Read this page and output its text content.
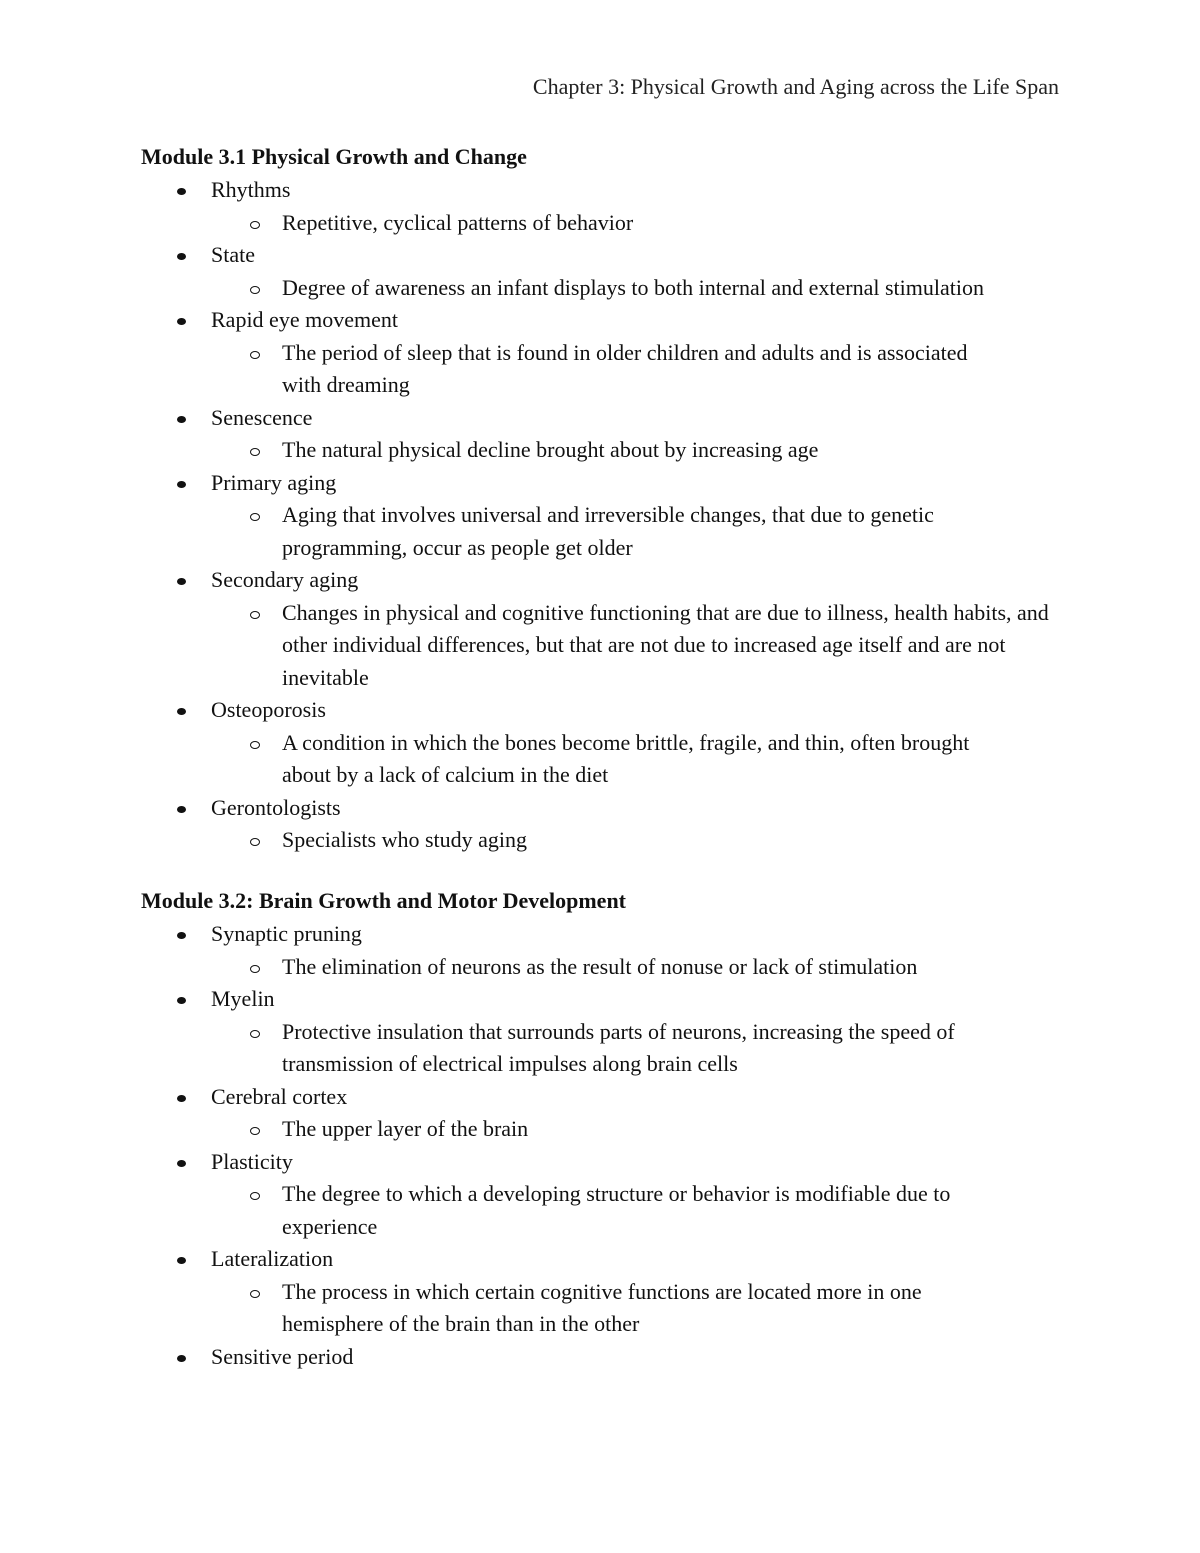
Chapter 3: Physical Growth and Aging across the Life Span
Module 3.1 Physical Growth and Change
Rhythms
Repetitive, cyclical patterns of behavior
State
Degree of awareness an infant displays to both internal and external stimulation
Rapid eye movement
The period of sleep that is found in older children and adults and is associated with dreaming
Senescence
The natural physical decline brought about by increasing age
Primary aging
Aging that involves universal and irreversible changes, that due to genetic programming, occur as people get older
Secondary aging
Changes in physical and cognitive functioning that are due to illness, health habits, and other individual differences, but that are not due to increased age itself and are not inevitable
Osteoporosis
A condition in which the bones become brittle, fragile, and thin, often brought about by a lack of calcium in the diet
Gerontologists
Specialists who study aging
Module 3.2: Brain Growth and Motor Development
Synaptic pruning
The elimination of neurons as the result of nonuse or lack of stimulation
Myelin
Protective insulation that surrounds parts of neurons, increasing the speed of transmission of electrical impulses along brain cells
Cerebral cortex
The upper layer of the brain
Plasticity
The degree to which a developing structure or behavior is modifiable due to experience
Lateralization
The process in which certain cognitive functions are located more in one hemisphere of the brain than in the other
Sensitive period
